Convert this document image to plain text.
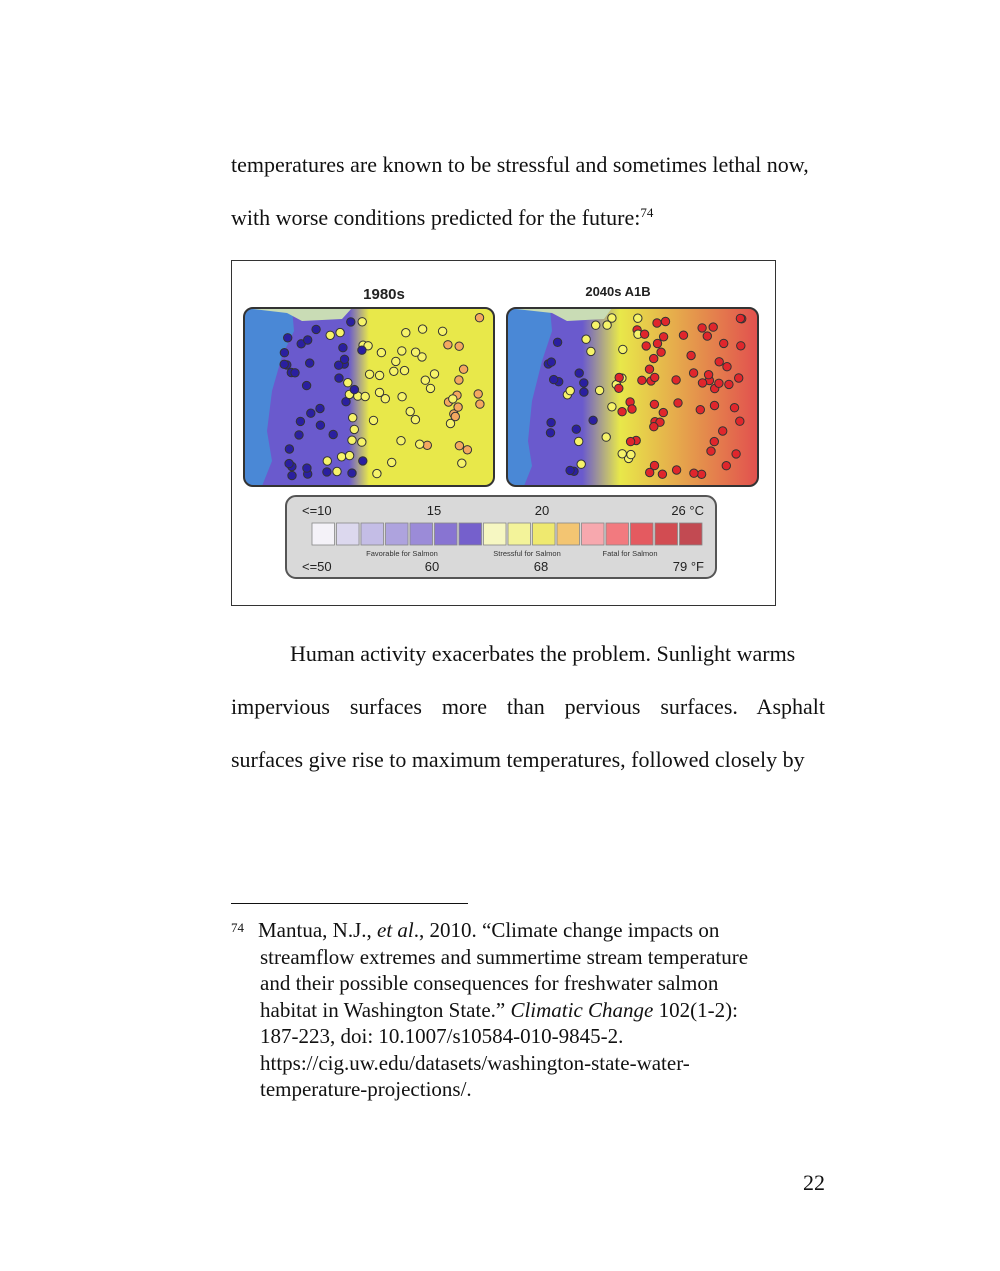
temperatures are known to be stressful and sometimes lethal now,
with worse conditions predicted for the future:$^{74}$
1980s	2040s A1B
<=10	15	20	26 °C
Favorable for Salmon	Stressful for Salmon	Fatal for Salmon
<=50	60	68	79 °F
Human activity exacerbates the problem. Sunlight warms
impervious surfaces more than pervious surfaces. Asphalt
surfaces give rise to maximum temperatures, followed closely by
74 Mantua, N.J., et al., 2010. “Climate change impacts on
streamflow extremes and summertime stream temperature
and their possible consequences for freshwater salmon
habitat in Washington State.” Climatic Change 102(1-2):
187-223, doi: 10.1007/s10584-010-9845-2.
https://cig.uw.edu/datasets/washington-state-water-
temperature-projections/.
22
